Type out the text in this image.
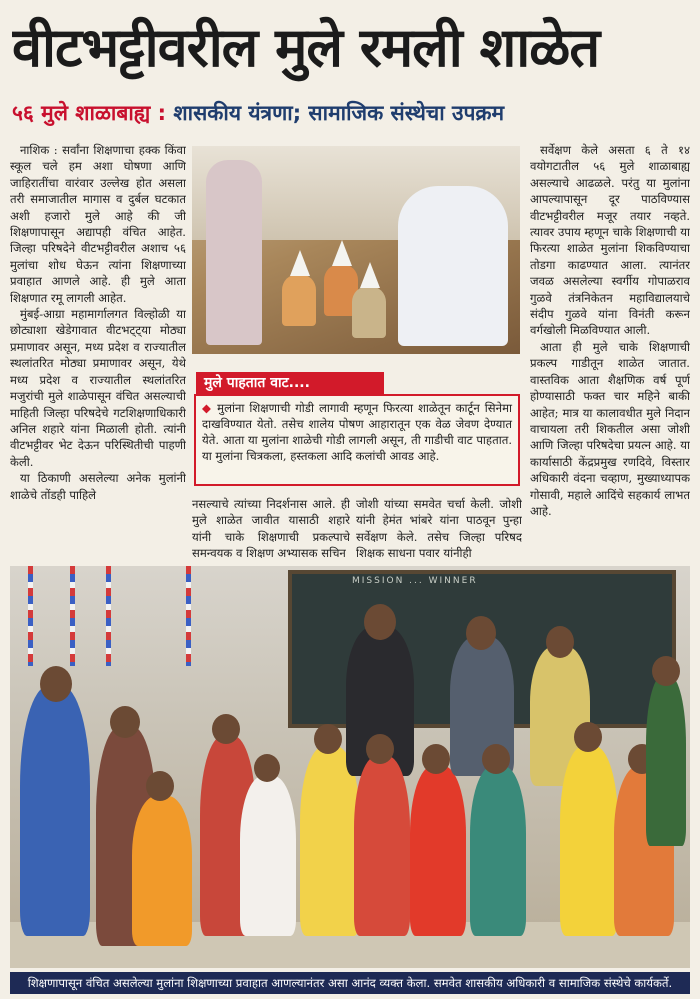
वीटभट्टीवरील मुले रमली शाळेत
५६ मुले शाळाबाह्य : शासकीय यंत्रणा; सामाजिक संस्थेचा उपक्रम

नाशिक : सर्वांना शिक्षणाचा हक्क किंवा स्कूल चले हम अशा घोषणा आणि जाहिरातींचा वारंवार उल्लेख होत असला तरी समाजातील मागास व दुर्बल घटकात अशी हजारो मुले आहे की जी शिक्षणापासून अद्यापही वंचित आहेत. जिल्हा परिषदेने वीटभट्टीवरील अशाच ५६ मुलांचा शोध घेऊन त्यांना शिक्षणाच्या प्रवाहात आणले आहे. ही मुले आता शिक्षणात रमू लागली आहेत.

मुंबई-आग्रा महामार्गालगत विल्होळी या छोट्याशा खेडेगावात वीटभट्ट्या मोठ्या प्रमाणावर असून, मध्य प्रदेश व राज्यातील स्थलांतरित मोठ्या प्रमाणावर असून, येथे मध्य प्रदेश व राज्यातील स्थलांतरित मजुरांची मुले शाळेपासून वंचित असल्याची माहिती जिल्हा परिषदेचे गटशिक्षणाधिकारी अनिल शहारे यांना मिळाली होती. त्यांनी वीटभट्टीवर भेट देऊन परिस्थितीची पाहणी केली.

या ठिकाणी असलेल्या अनेक मुलांनी शाळेचे तोंडही पाहिले

सर्वेक्षण केले असता ६ ते १४ वयोगटातील ५६ मुले शाळाबाह्य असल्याचे आढळले. परंतु या मुलांना आपल्यापासून दूर पाठविण्यास वीटभट्टीवरील मजूर तयार नव्हते. त्यावर उपाय म्हणून चाके शिक्षणाची या फिरत्या शाळेत मुलांना शिकविण्याचा तोडगा काढण्यात आला. त्यानंतर जवळ असलेल्या स्वर्गीय गोपाळराव गुळवे तंत्रनिकेतन महाविद्यालयाचे संदीप गुळवे यांना विनंती करून वर्गखोली मिळविण्यात आली.

आता ही मुले चाके शिक्षणाची प्रकल्प गाडीतून शाळेत जातात. वास्तविक आता शैक्षणिक वर्ष पूर्ण होण्यासाठी फक्त चार महिने बाकी आहेत; मात्र या कालावधीत मुले निदान वाचायला तरी शिकतील असा जोशी आणि जिल्हा परिषदेचा प्रयत्न आहे. या कार्यासाठी केंद्रप्रमुख रणदिवे, विस्तार अधिकारी वंदना चव्हाण, मुख्याध्यापक गोसावी, महाले आदिंचे सहकार्य लाभत आहे.

मुले पाहतात वाट....
◆ मुलांना शिक्षणाची गोडी लागावी म्हणून फिरत्या शाळेतून कार्टून सिनेमा दाखविण्यात येतो. तसेच शालेय पोषण आहारातून एक वेळ जेवण देण्यात येते. आता या मुलांना शाळेची गोडी लागली असून, ती गाडीची वाट पाहतात. या मुलांना चित्रकला, हस्तकला आदि कलांची आवड आहे.
नसल्याचे त्यांच्या निदर्शनास आले. ही मुले शाळेत जावीत यासाठी शहारे यांनी चाके शिक्षणाची प्रकल्पाचे समन्वयक व शिक्षण अभ्यासक सचिन
जोशी यांच्या समवेत चर्चा केली. जोशी यांनी हेमंत भांबरे यांना पाठवून पुन्हा सर्वेक्षण केले. तसेच जिल्हा परिषद शिक्षक साधना पवार यांनीही
MISSION ... WINNER
शिक्षणापासून वंचित असलेल्या मुलांना शिक्षणाच्या प्रवाहात आणल्यानंतर असा आनंद व्यक्त केला. समवेत शासकीय अधिकारी व सामाजिक संस्थेचे कार्यकर्ते.
